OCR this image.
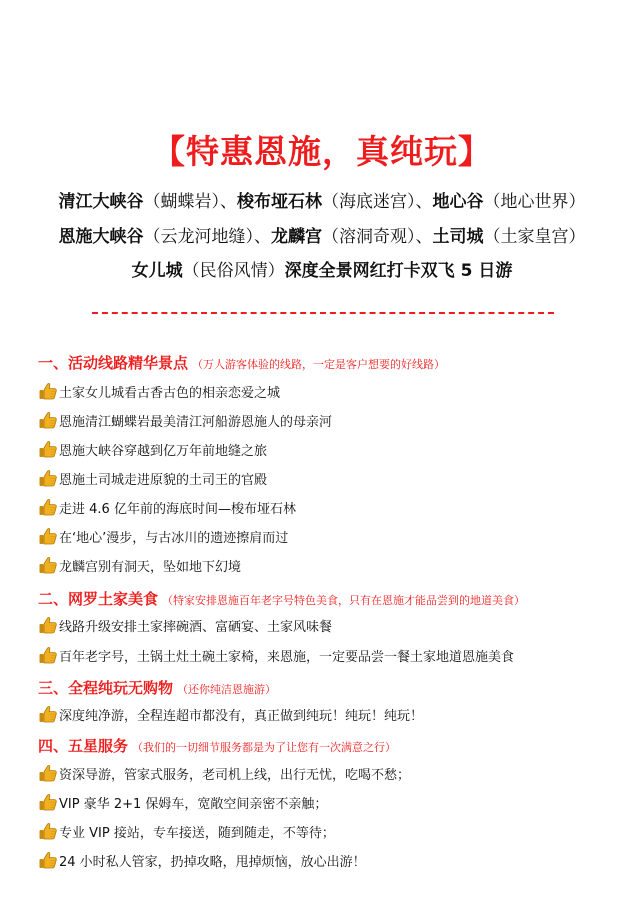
【特惠恩施，真纯玩】
清江大峡谷（蝴蝶岩）、梭布垭石林（海底迷宫）、地心谷（地心世界）
恩施大峡谷（云龙河地缝）、龙麟宫（溶洞奇观）、土司城（土家皇宫）
女儿城（民俗风情）深度全景网红打卡双飞 5 日游
一、活动线路精华景点 （万人游客体验的线路，一定是客户想要的好线路）
土家女儿城看古香古色的相亲恋爱之城
恩施清江蝴蝶岩最美清江河船游恩施人的母亲河
恩施大峡谷穿越到亿万年前地缝之旅
恩施土司城走进原貌的土司王的官殿
走进 4.6 亿年前的海底时间—梭布垭石林
在‘地心’漫步，与古冰川的遗迹擦肩而过
龙麟宫别有洞天，坠如地下幻境
二、网罗土家美食 （特家安排恩施百年老字号特色美食，只有在恩施才能品尝到的地道美食）
线路升级安排土家摔碗酒、富硒宴、土家风味餐
百年老字号，土锅土灶土碗土家椅，来恩施，一定要品尝一餐土家地道恩施美食
三、全程纯玩无购物 （还你纯洁恩施游）
深度纯净游，全程连超市都没有，真正做到纯玩！纯玩！纯玩！
四、五星服务 （我们的一切细节服务都是为了让您有一次满意之行）
资深导游，管家式服务，老司机上线，出行无忧，吃喝不愁；
VIP 豪华 2+1 保姆车，宽敞空间亲密不亲触；
专业 VIP 接站，专车接送，随到随走，不等待；
24 小时私人管家，扔掉攻略，甩掉烦恼，放心出游！
